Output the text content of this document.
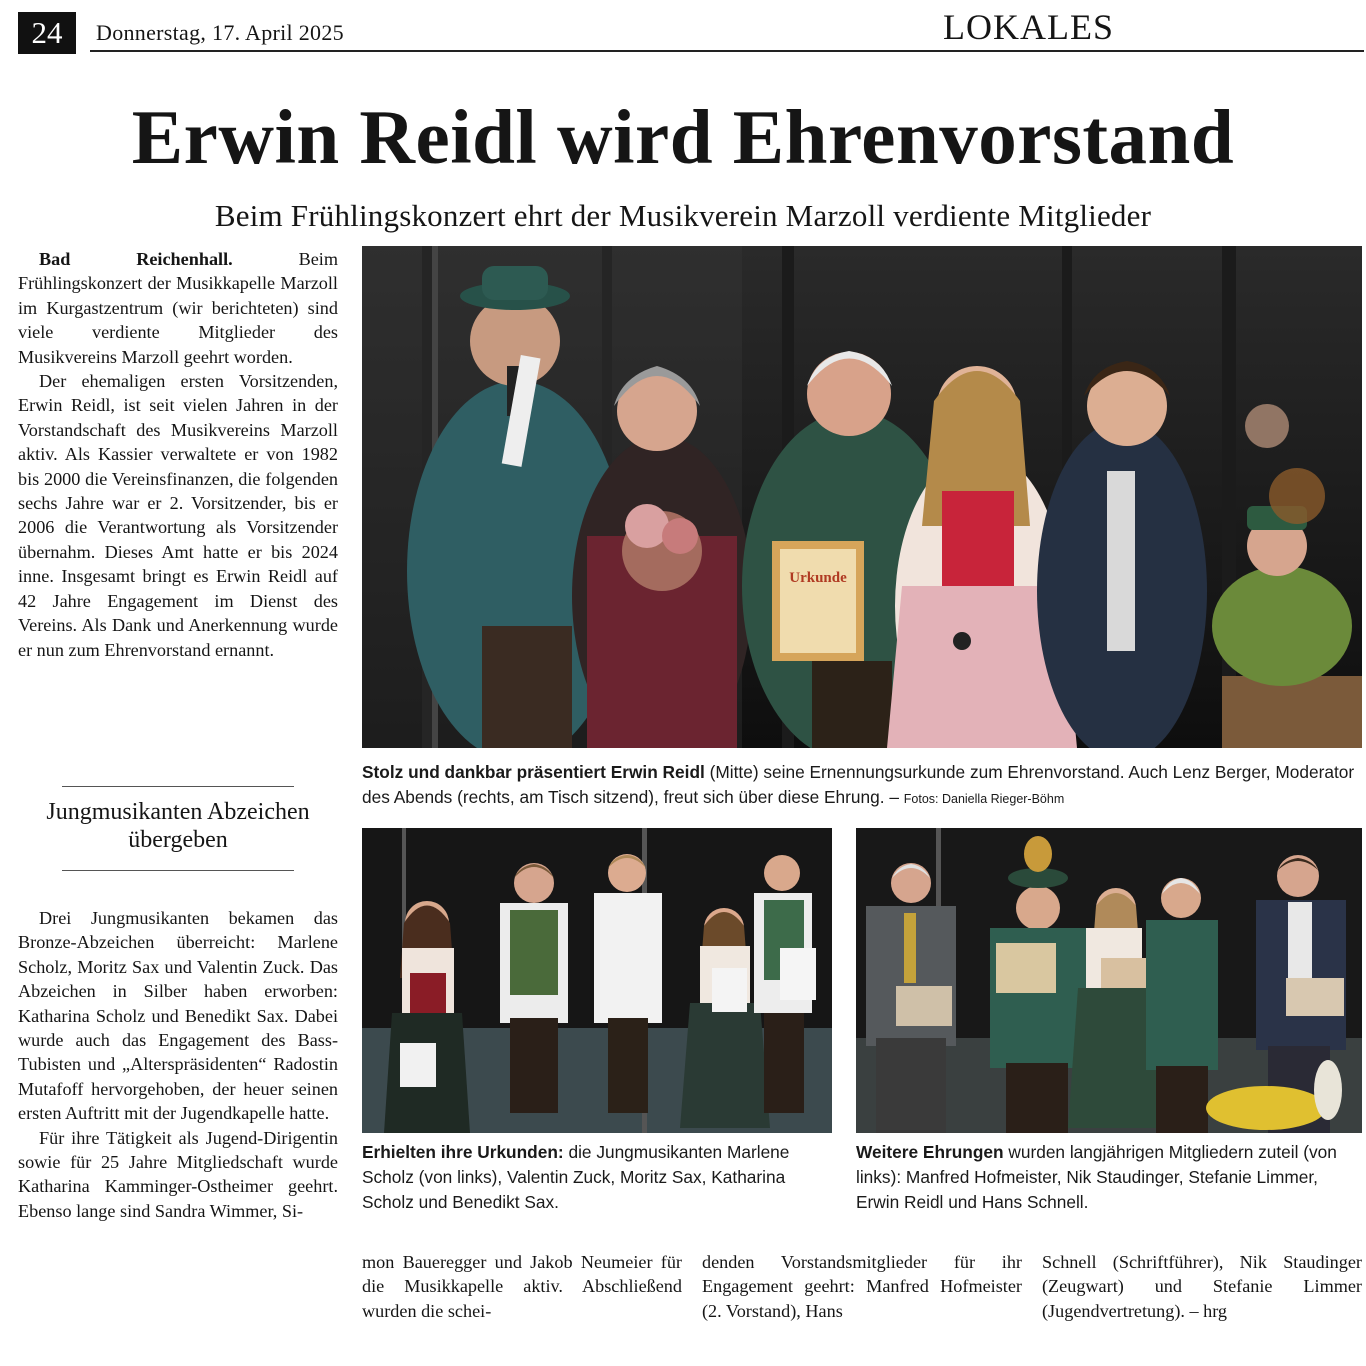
24	Donnerstag, 17. April 2025	LOKALES
Erwin Reidl wird Ehrenvorstand
Beim Frühlingskonzert ehrt der Musikverein Marzoll verdiente Mitglieder

Bad Reichenhall.	Beim Frühlingskonzert der Musikkapelle Marzoll im Kurgastzentrum (wir berichteten) sind viele verdiente Mitglieder des Musikvereins Marzoll geehrt worden.

Der ehemaligen ersten Vorsitzenden, Erwin Reidl, ist seit vielen Jahren in der Vorstandschaft des Musikvereins Marzoll aktiv. Als Kassier verwaltete er von 1982 bis 2000 die Vereinsfinanzen, die folgenden sechs Jahre war er 2. Vorsitzender, bis er 2006 die Verantwortung als Vorsitzender übernahm. Dieses Amt hatte er bis 2024 inne. Insgesamt bringt es Erwin Reidl auf 42 Jahre Engagement im Dienst des Vereins. Als Dank und Anerkennung wurde er nun zum Ehrenvorstand ernannt.

Jungmusikanten Abzeichen übergeben

Drei Jungmusikanten bekamen das Bronze-Abzeichen überreicht: Marlene Scholz, Moritz Sax und Valentin Zuck. Das Abzeichen in Silber haben erworben: Katharina Scholz und Benedikt Sax. Dabei wurde auch das Engagement des Bass-Tubisten und „Alterspräsidenten“ Radostin Mutafoff hervorgehoben, der heuer seinen ersten Auftritt mit der Jugendkapelle hatte.

Für ihre Tätigkeit als Jugend-Dirigentin sowie für 25 Jahre Mitgliedschaft wurde Katharina Kamminger-Ostheimer geehrt. Ebenso lange sind Sandra Wimmer, Si-

mon Baueregger und Jakob Neumeier für die Musikkapelle aktiv. Abschließend wurden die schei-

denden Vorstandsmitglieder für ihr Engagement geehrt: Manfred Hofmeister (2. Vorstand), Hans

Schnell (Schriftführer), Nik Staudinger (Zeugwart) und Stefanie Limmer (Jugendvertretung). – hrg

Urkunde
Stolz und dankbar präsentiert Erwin Reidl (Mitte) seine Ernennungsurkunde zum Ehrenvorstand. Auch Lenz Berger, Moderator des Abends (rechts, am Tisch sitzend), freut sich über diese Ehrung. – Fotos: Daniella Rieger-Böhm
Erhielten ihre Urkunden: die Jungmusikanten Marlene Scholz (von links), Valentin Zuck, Moritz Sax, Katharina Scholz und Benedikt Sax.
Weitere Ehrungen wurden langjährigen Mitgliedern zuteil (von links): Manfred Hofmeister, Nik Staudinger, Stefanie Limmer, Erwin Reidl und Hans Schnell.
